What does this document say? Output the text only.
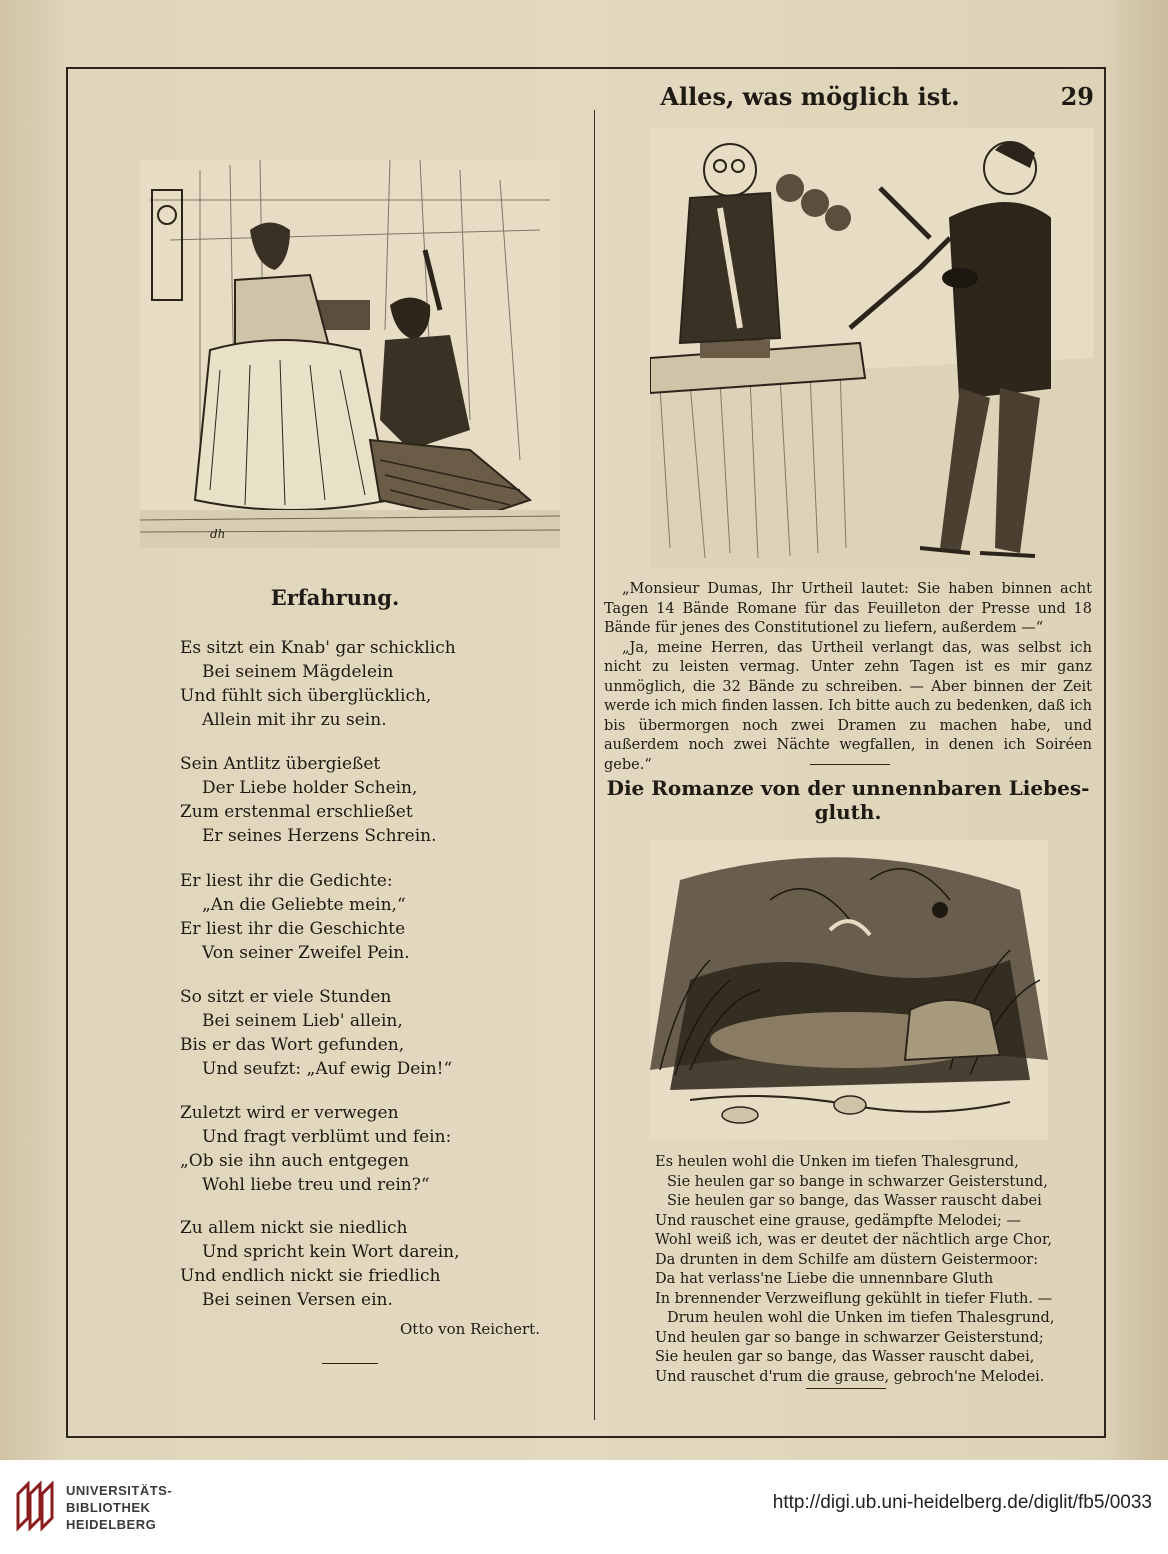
Alles, was möglich ist.	29
dh
Erfahrung.
Es sitzt ein Knab' gar schicklich
Bei seinem Mägdelein
Und fühlt sich überglücklich,
Allein mit ihr zu sein.
Sein Antlitz übergießet
Der Liebe holder Schein,
Zum erstenmal erschließet
Er seines Herzens Schrein.
Er liest ihr die Gedichte:
„An die Geliebte mein,“
Er liest ihr die Geschichte
Von seiner Zweifel Pein.
So sitzt er viele Stunden
Bei seinem Lieb' allein,
Bis er das Wort gefunden,
Und seufzt: „Auf ewig Dein!“
Zuletzt wird er verwegen
Und fragt verblümt und fein:
„Ob sie ihn auch entgegen
Wohl liebe treu und rein?“
Zu allem nickt sie niedlich
Und spricht kein Wort darein,
Und endlich nickt sie friedlich
Bei seinen Versen ein.
Otto von Reichert.

„Monsieur Dumas, Ihr Urtheil lautet: Sie haben binnen acht Tagen 14 Bände Romane für das Feuilleton der Presse und 18 Bände für jenes des Constitutionel zu liefern, außerdem —“

„Ja, meine Herren, das Urtheil verlangt das, was selbst ich nicht zu leisten vermag. Unter zehn Tagen ist es mir ganz unmöglich, die 32 Bände zu schreiben. — Aber binnen der Zeit werde ich mich finden lassen. Ich bitte auch zu bedenken, daß ich bis übermorgen noch zwei Dramen zu machen habe, und außerdem noch zwei Nächte wegfallen, in denen ich Soiréen gebe.“

Die Romanze von der unnennbaren Liebes-
gluth.
Es heulen wohl die Unken im tiefen Thalesgrund,
Sie heulen gar so bange in schwarzer Geisterstund,
Sie heulen gar so bange, das Wasser rauscht dabei
Und rauschet eine grause, gedämpfte Melodei; —
Wohl weiß ich, was er deutet der nächtlich arge Chor,
Da drunten in dem Schilfe am düstern Geistermoor:
Da hat verlass'ne Liebe die unnennbare Gluth
In brennender Verzweiflung gekühlt in tiefer Fluth. —
Drum heulen wohl die Unken im tiefen Thalesgrund,
Und heulen gar so bange in schwarzer Geisterstund;
Sie heulen gar so bange, das Wasser rauscht dabei,
Und rauschet d'rum die grause, gebroch'ne Melodei.
UNIVERSITÄTS-
BIBLIOTHEK
HEIDELBERG
http://digi.ub.uni-heidelberg.de/diglit/fb5/0033
